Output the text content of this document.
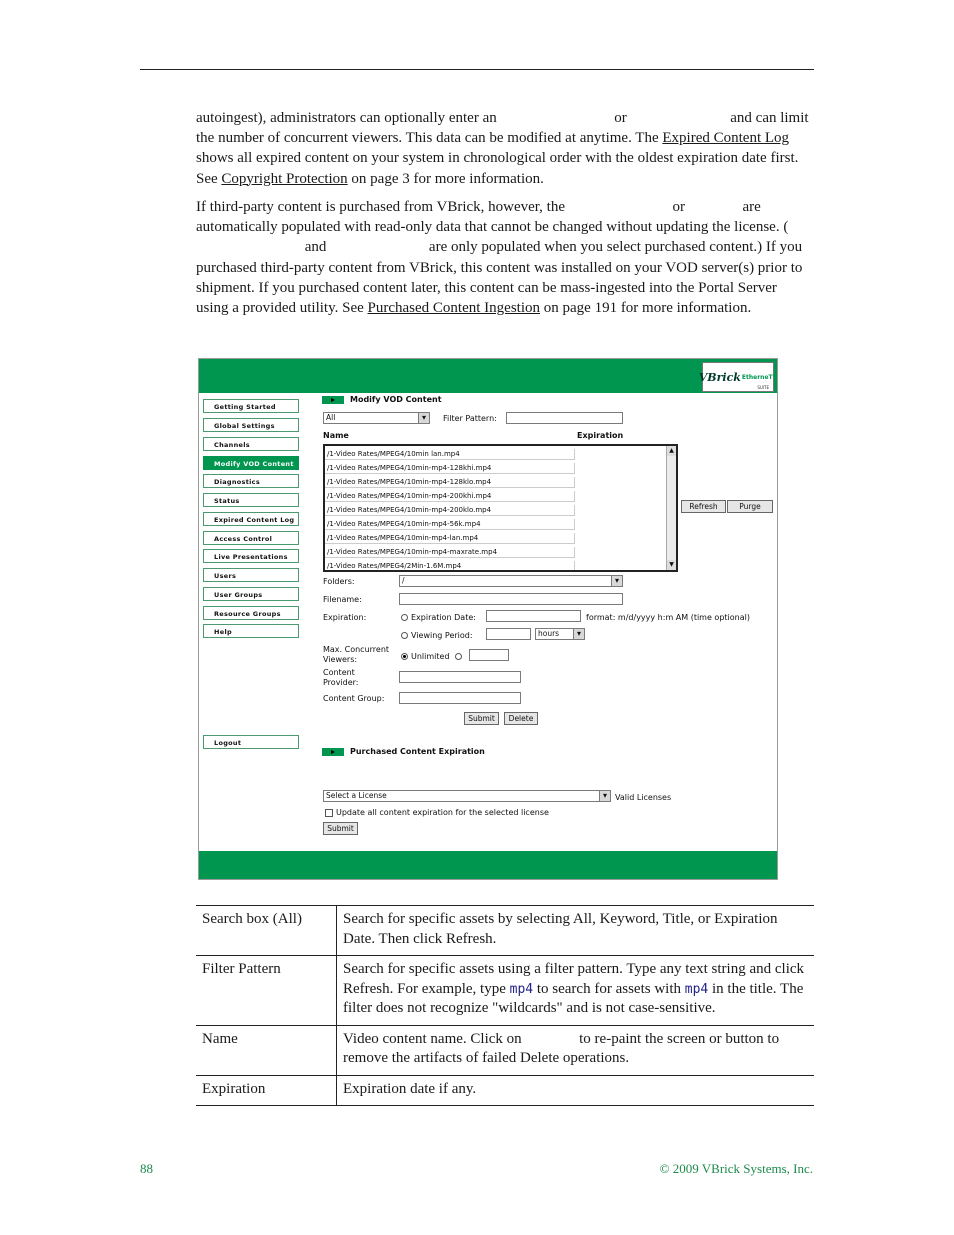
autoingest), administrators can optionally enter an	or	and can limit the number of concurrent viewers. This data can be modified at anytime. The Expired Content Log shows all expired content on your system in chronological order with the oldest expiration date first. See Copyright Protection on page 3 for more information.
If third-party content is purchased from VBrick, however, the	or	are automatically populated with read-only data that cannot be changed without updating the license. (  and	are only populated when you select purchased content.) If you purchased third-party content from VBrick, this content was installed on your VOD server(s) prior to shipment. If you purchased content later, this content can be mass-ingested into the Portal Server using a provided utility. See Purchased Content Ingestion on page 191 for more information.
VBrick EtherneTV
SUITE
Getting Started
Global Settings
Channels
Modify VOD Content
Diagnostics
Status
Expired Content Log
Access Control
Live Presentations
Users
User Groups
Resource Groups
Help
Logout
Modify VOD Content
All ▾	Filter Pattern:
Name	Expiration
/1-Video Rates/MPEG4/10min lan.mp4
/1-Video Rates/MPEG4/10min-mp4-128khi.mp4
/1-Video Rates/MPEG4/10min-mp4-128klo.mp4
/1-Video Rates/MPEG4/10min-mp4-200khi.mp4
/1-Video Rates/MPEG4/10min-mp4-200klo.mp4
/1-Video Rates/MPEG4/10min-mp4-56k.mp4
/1-Video Rates/MPEG4/10min-mp4-lan.mp4
/1-Video Rates/MPEG4/10min-mp4-maxrate.mp4
/1-Video Rates/MPEG4/2Min-1.6M.mp4
▲
▼
Refresh	Purge
Folders:	/ ▾
Filename:
Expiration:	Expiration Date:	format: m/d/yyyy h:m AM (time optional)
Viewing Period:	hours ▾
Max. Concurrent Viewers:	Unlimited
Content Provider:
Content Group:
Submit	Delete
Purchased Content Expiration
Select a License ▾	Valid Licenses
Update all content expiration for the selected license
Submit
Search box (All)	Search for specific assets by selecting All, Keyword, Title, or Expiration Date. Then click Refresh.
Filter Pattern	Search for specific assets using a filter pattern. Type any text string and click Refresh. For example, type mp4 to search for assets with mp4 in the title. The filter does not recognize "wildcards" and is not case-sensitive.
Name	Video content name. Click on to re-paint the screen or button to remove the artifacts of failed Delete operations.
Expiration	Expiration date if any.
88	© 2009 VBrick Systems, Inc.
